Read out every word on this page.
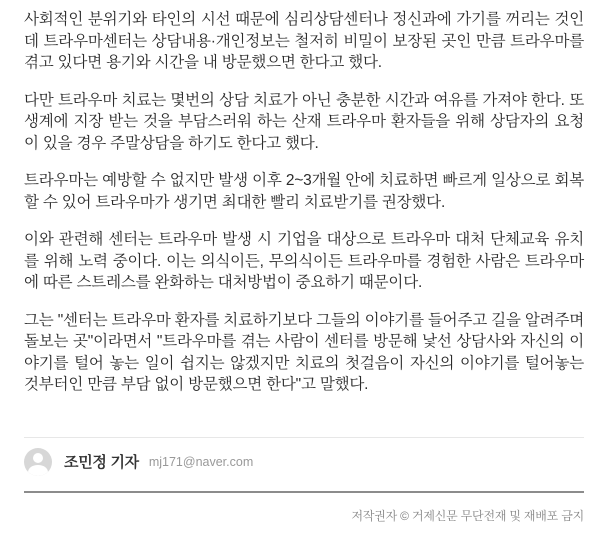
사회적인 분위기와 타인의 시선 때문에 심리상담센터나 정신과에 가기를 꺼리는 것인데 트라우마센터는 상담내용·개인정보는 철저히 비밀이 보장된 곳인 만큼 트라우마를 겪고 있다면 용기와 시간을 내 방문했으면 한다고 했다.

다만 트라우마 치료는 몇번의 상담 치료가 아닌 충분한 시간과 여유를 가져야 한다. 또 생계에 지장 받는 것을 부담스러워 하는 산재 트라우마 환자들을 위해 상담자의 요청이 있을 경우 주말상담을 하기도 한다고 했다.

트라우마는 예방할 수 없지만 발생 이후 2~3개월 안에 치료하면 빠르게 일상으로 회복할 수 있어 트라우마가 생기면 최대한 빨리 치료받기를 권장했다.

이와 관련해 센터는 트라우마 발생 시 기업을 대상으로 트라우마 대처 단체교육 유치를 위해 노력 중이다. 이는 의식이든, 무의식이든 트라우마를 경험한 사람은 트라우마에 따른 스트레스를 완화하는 대처방법이 중요하기 때문이다.

그는 "센터는 트라우마 환자를 치료하기보다 그들의 이야기를 들어주고 길을 알려주며 돌보는 곳"이라면서 "트라우마를 겪는 사람이 센터를 방문해 낯선 상담사와 자신의 이야기를 털어 놓는 일이 쉽지는 않겠지만 치료의 첫걸음이 자신의 이야기를 털어놓는 것부터인 만큼 부담 없이 방문했으면 한다"고 말했다.

조민정 기자 mj171@naver.com
저작권자 © 거제신문 무단전재 및 재배포 금지
